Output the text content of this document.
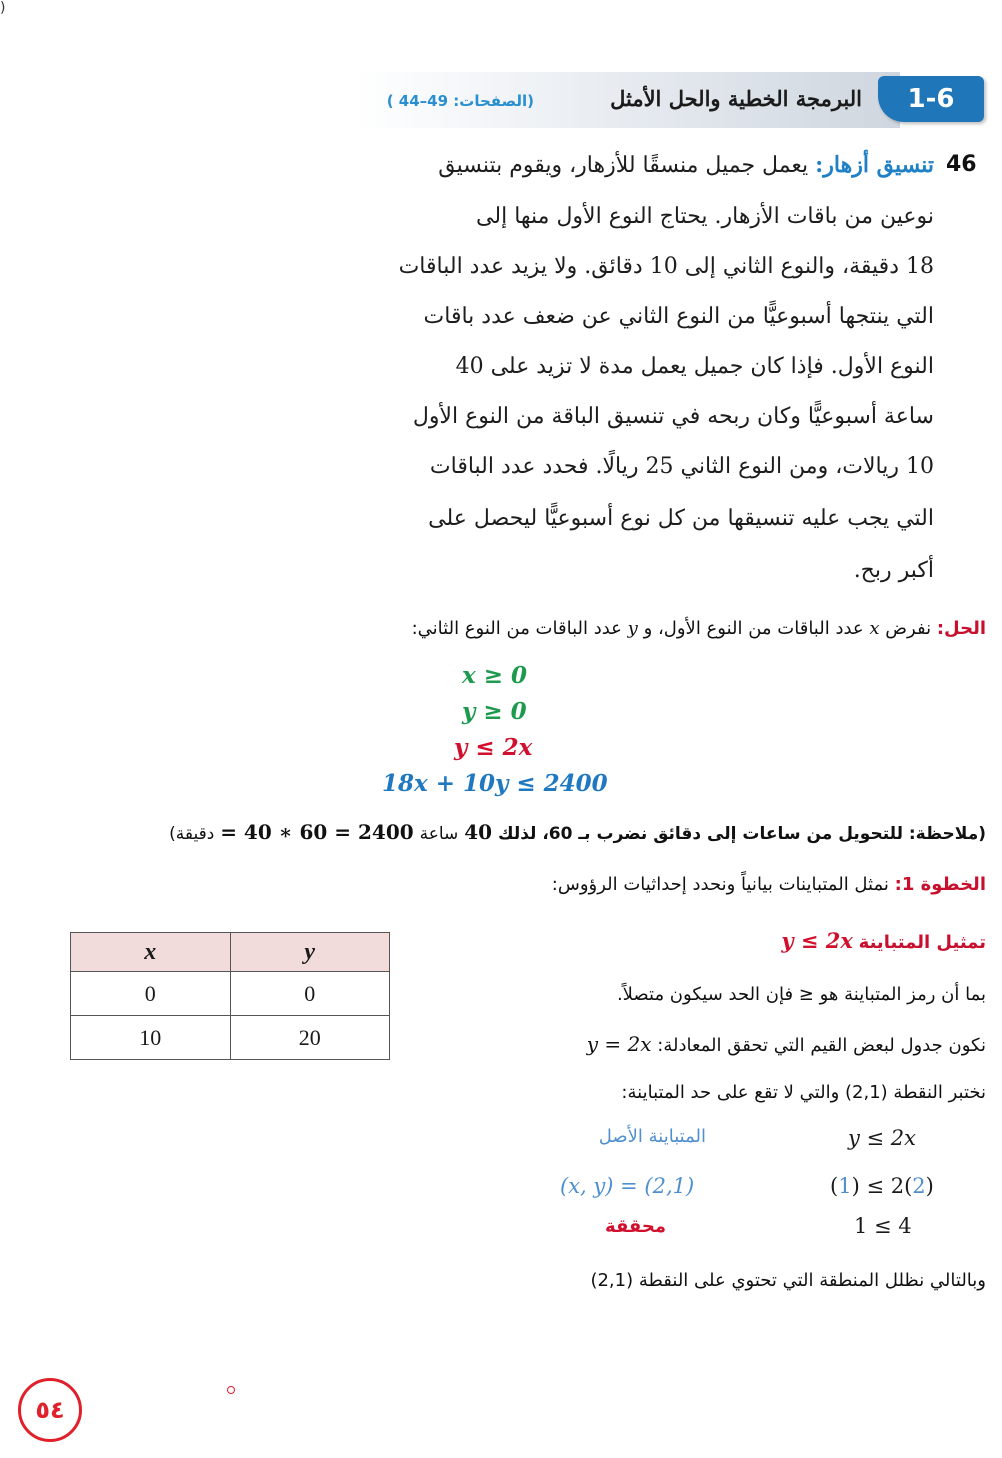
)
1-6
البرمجة الخطية والحل الأمثل
(الصفحات: 49–44 )
تنسيق أزهار: يعمل جميل منسقًا للأزهار، ويقوم بتنسيق	46
نوعين من باقات الأزهار. يحتاج النوع الأول منها إلى
18 دقيقة، والنوع الثاني إلى 10 دقائق. ولا يزيد عدد الباقات
التي ينتجها أسبوعيًّا من النوع الثاني عن ضعف عدد باقات
النوع الأول. فإذا كان جميل يعمل مدة لا تزيد على 40
ساعة أسبوعيًّا وكان ربحه في تنسيق الباقة من النوع الأول
10 ريالات، ومن النوع الثاني 25 ريالًا. فحدد عدد الباقات
التي يجب عليه تنسيقها من كل نوع أسبوعيًّا ليحصل على
أكبر ربح.
الحل: نفرض x عدد الباقات من النوع الأول، و y عدد الباقات من النوع الثاني:
x ≥ 0
y ≥ 0
y ≤ 2x
18x + 10y ≤ 2400
(ملاحظة: للتحويل من ساعات إلى دقائق نضرب بـ 60، لذلك 40 ساعة = 40 ∗ 60 = 2400 دقيقة)
الخطوة 1: نمثل المتباينات بيانياً ونحدد إحداثيات الرؤوس:
تمثيل المتباينة y ≤ 2x
بما أن رمز المتباينة هو ≤ فإن الحد سيكون متصلاً.
نكون جدول لبعض القيم التي تحقق المعادلة: y = 2x
نختبر النقطة (2,1) والتي لا تقع على حد المتباينة:
y ≤ 2x
المتباينة الأصل
(1) ≤ 2(2)
(x, y) = (2,1)
1 ≤ 4
محققة
وبالتالي نظلل المنطقة التي تحتوي على النقطة (2,1)
x	y
0	0
10	20
٥٤
